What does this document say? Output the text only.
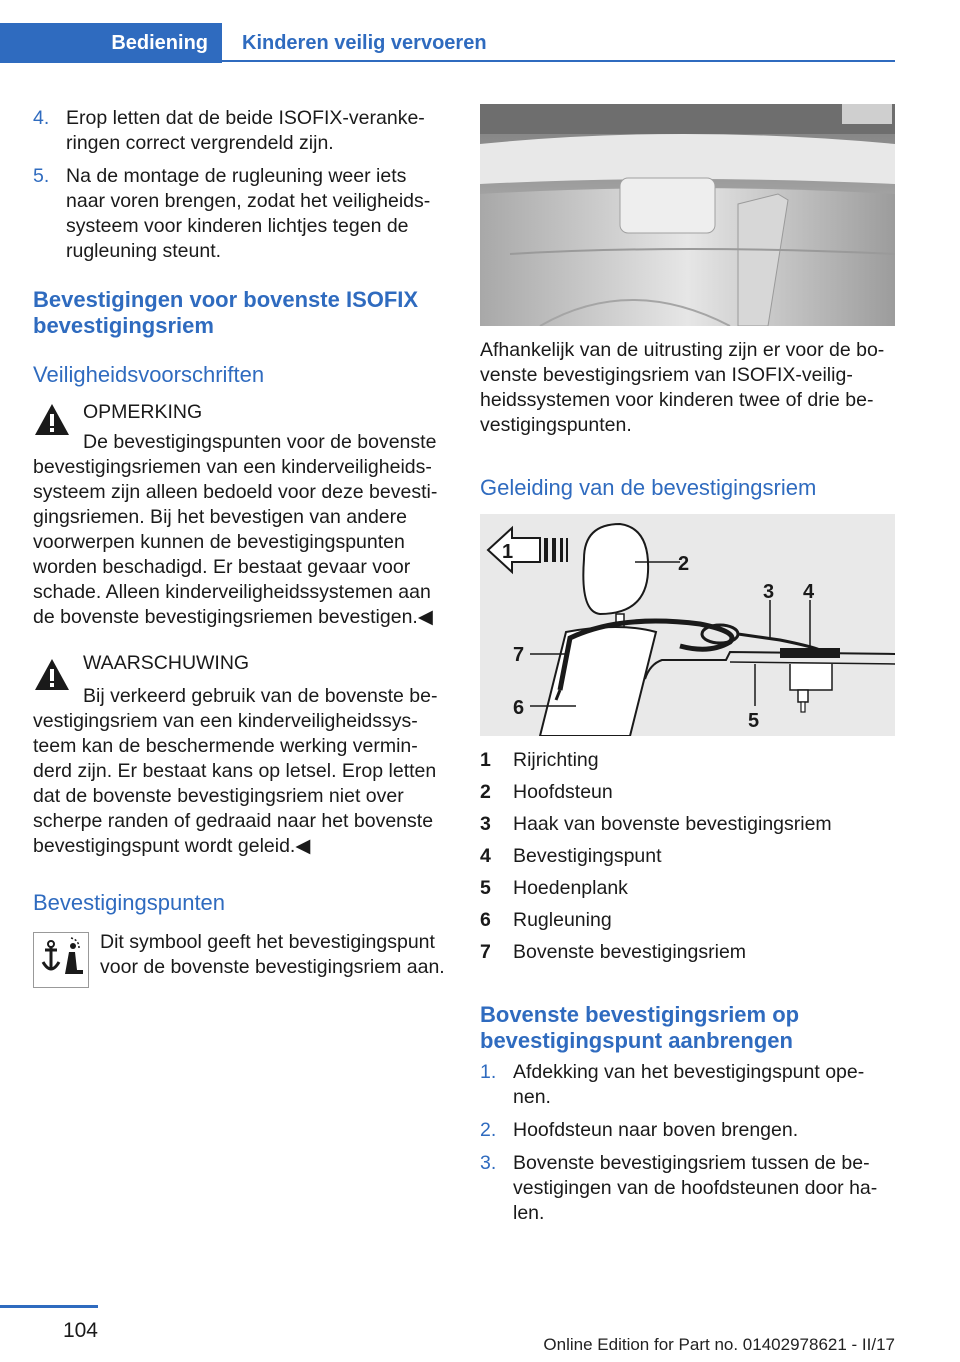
Bediening	Kinderen veilig vervoeren
4. Erop letten dat de beide ISOFIX-veranke-ringen correct vergrendeld zijn.
5. Na de montage de rugleuning weer iets naar voren brengen, zodat het veiligheids-systeem voor kinderen lichtjes tegen de rugleuning steunt.
Bevestigingen voor bovenste ISOFIX bevestigingsriem
Veiligheidsvoorschriften
OPMERKING
De bevestigingspunten voor de bovenste bevestigingsriemen van een kinderveiligheids-systeem zijn alleen bedoeld voor deze bevesti-gingsriemen. Bij het bevestigen van andere voorwerpen kunnen de bevestigingspunten worden beschadigd. Er bestaat gevaar voor schade. Alleen kinderveiligheidssystemen aan de bovenste bevestigingsriemen bevestigen.◀
WAARSCHUWING
Bij verkeerd gebruik van de bovenste be-vestigingsriem van een kinderveiligheidssys-teem kan de beschermende werking vermin-derd zijn. Er bestaat kans op letsel. Erop letten dat de bovenste bevestigingsriem niet over scherpe randen of gedraaid naar het bovenste bevestigingspunt wordt geleid.◀
Bevestigingspunten
Dit symbool geeft het bevestigingspunt voor de bovenste bevestigingsriem aan.
Afhankelijk van de uitrusting zijn er voor de bo-venste bevestigingsriem van ISOFIX-veilig-heidssystemen voor kinderen twee of drie be-vestigingspunten.
Geleiding van de bevestigingsriem
1
2
3 4
5
6
7
1 Rijrichting
2 Hoofdsteun
3 Haak van bovenste bevestigingsriem
4 Bevestigingspunt
5 Hoedenplank
6 Rugleuning
7 Bovenste bevestigingsriem
Bovenste bevestigingsriem op bevestigingspunt aanbrengen
1. Afdekking van het bevestigingspunt ope-nen.
2. Hoofdsteun naar boven brengen.
3. Bovenste bevestigingsriem tussen de be-vestigingen van de hoofdsteunen door ha-len.
104
Online Edition for Part no. 01402978621 - II/17
